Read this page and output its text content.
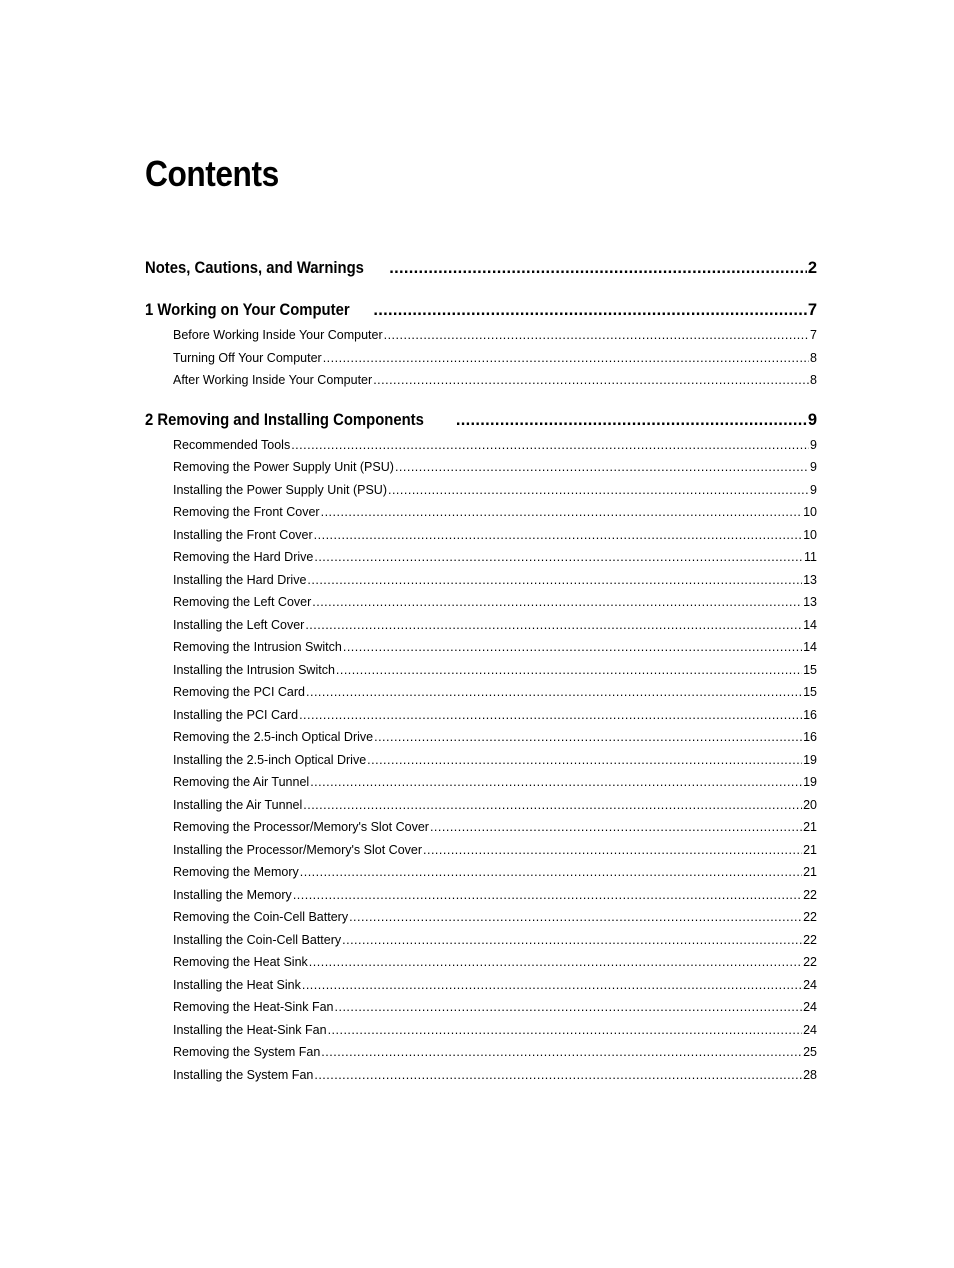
Contents
Notes, Cautions, and Warnings .....	2
1 Working on Your Computer .....	7
Before Working Inside Your Computer .....	7
Turning Off Your Computer .....	8
After Working Inside Your Computer .....	8
2 Removing and Installing Components .....	9
Recommended Tools .....	9
Removing the Power Supply Unit (PSU) .....	9
Installing the Power Supply Unit (PSU) .....	9
Removing the Front Cover .....	10
Installing the Front Cover .....	10
Removing the Hard Drive .....	11
Installing the Hard Drive .....	13
Removing the Left Cover .....	13
Installing the Left Cover .....	14
Removing the Intrusion Switch .....	14
Installing the Intrusion Switch .....	15
Removing the PCI Card .....	15
Installing the PCI Card .....	16
Removing the 2.5-inch Optical Drive .....	16
Installing the 2.5-inch Optical Drive .....	19
Removing the Air Tunnel .....	19
Installing the Air Tunnel .....	20
Removing the Processor/Memory's Slot Cover .....	21
Installing the Processor/Memory's Slot Cover .....	21
Removing the Memory .....	21
Installing the Memory .....	22
Removing the Coin-Cell Battery .....	22
Installing the Coin-Cell Battery .....	22
Removing the Heat Sink .....	22
Installing the Heat Sink .....	24
Removing the Heat-Sink Fan .....	24
Installing the Heat-Sink Fan .....	24
Removing the System Fan .....	25
Installing the System Fan .....	28
